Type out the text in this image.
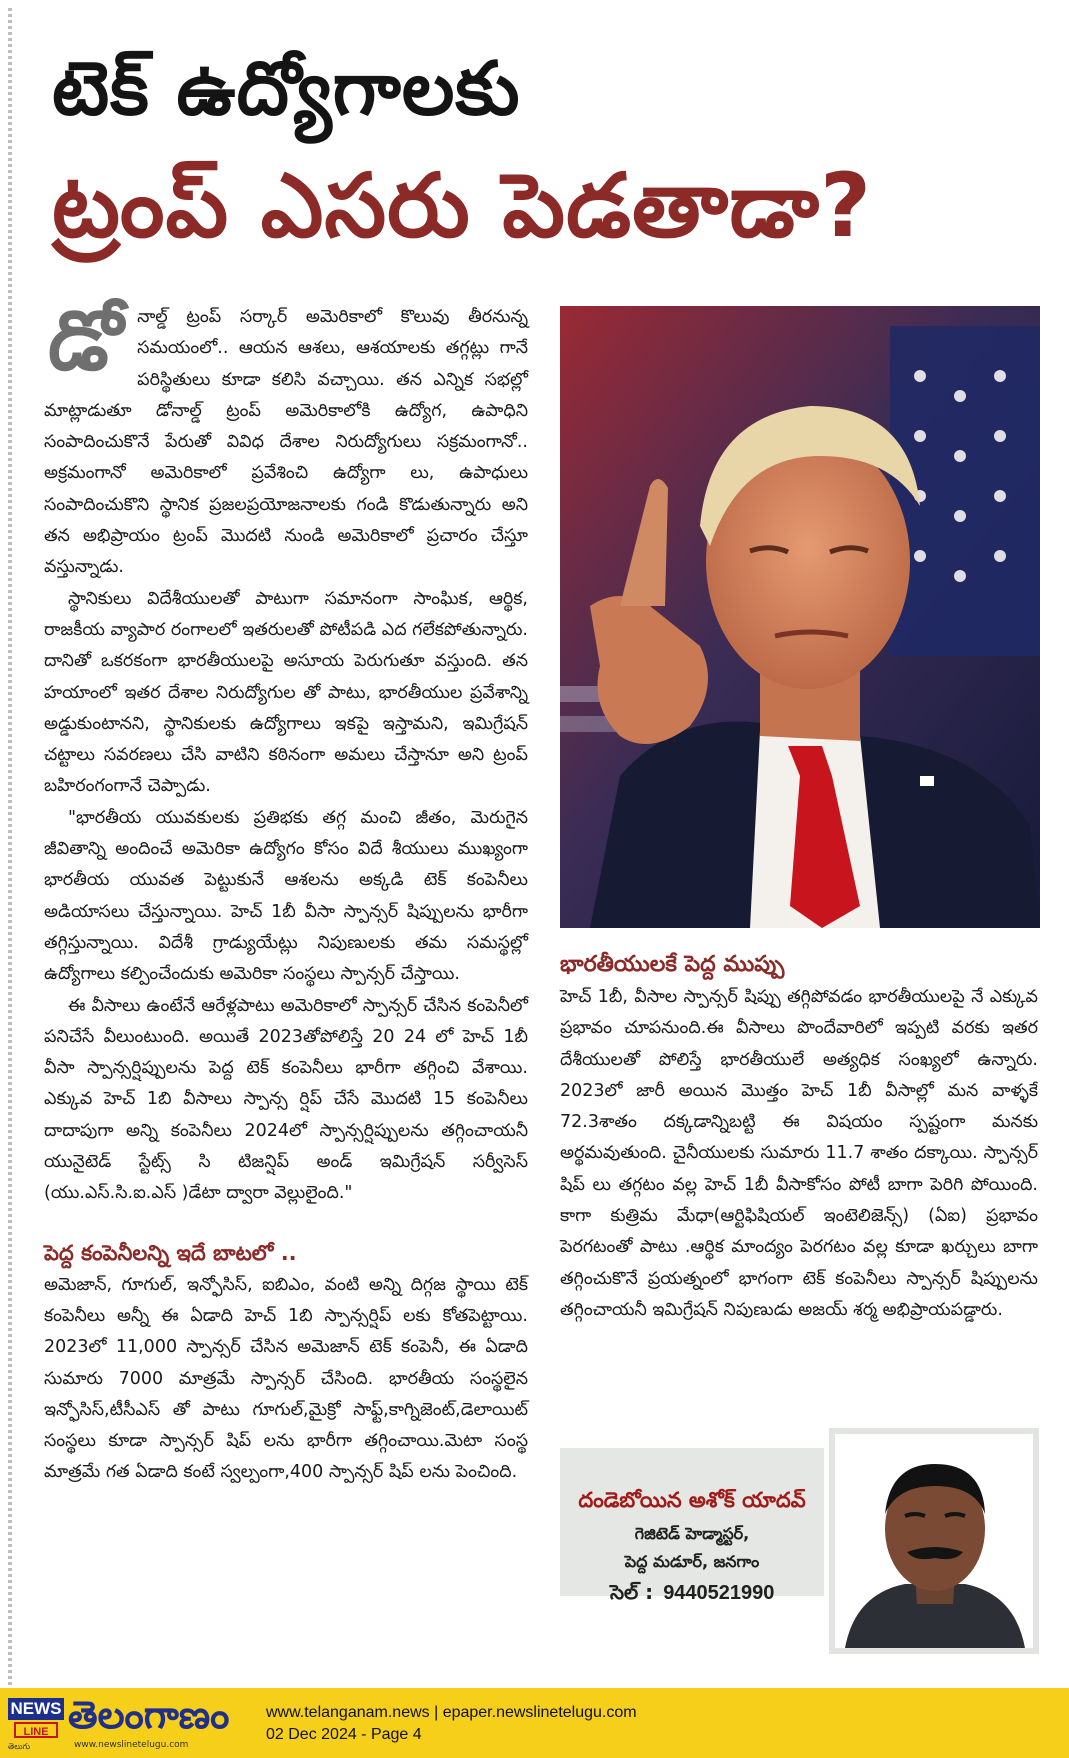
టెక్ ఉద్యోగాలకు
ట్రంప్ ఎసరు పెడతాడా?

డో నాల్డ్ ట్రంప్ సర్కార్ అమెరికాలో కొలువు తీరనున్న సమయంలో.. ఆయన ఆశలు, ఆశయాలకు తగ్గట్లు గానే పరిస్థితులు కూడా కలిసి వచ్చాయి. తన ఎన్నిక సభల్లో మాట్లాడుతూ డోనాల్డ్ ట్రంప్ అమెరికాలోకి ఉద్యోగ, ఉపాధిని సంపాదించుకొనే పేరుతో వివిధ దేశాల నిరుద్యోగులు సక్రమంగానో.. అక్రమంగానో అమెరికాలో ప్రవేశించి ఉద్యోగా లు, ఉపాధులు సంపాదించుకొని స్థానిక ప్రజలప్రయోజనాలకు గండి కొడుతున్నారు అని తన అభిప్రాయం ట్రంప్ మొదటి నుండి అమెరికాలో ప్రచారం చేస్తూ వస్తున్నాడు.

స్థానికులు విదేశీయులతో పాటుగా సమానంగా సాంఘిక, ఆర్థిక, రాజకీయ వ్యాపార రంగాలలో ఇతరులతో పోటీపడి ఎద గలేకపోతున్నారు. దానితో ఒకరకంగా భారతీయులపై అసూయ పెరుగుతూ వస్తుంది. తన హయాంలో ఇతర దేశాల నిరుద్యోగుల తో పాటు, భారతీయుల ప్రవేశాన్ని అడ్డుకుంటానని, స్థానికులకు ఉద్యోగాలు ఇకపై ఇస్తామని, ఇమిగ్రేషన్ చట్టాలు సవరణలు చేసి వాటిని కఠినంగా అమలు చేస్తానూ అని ట్రంప్ బహిరంగంగానే చెప్పాడు.

"భారతీయ యువకులకు ప్రతిభకు తగ్గ మంచి జీతం, మెరుగైన జీవితాన్ని అందించే అమెరికా ఉద్యోగం కోసం విదే శీయులు ముఖ్యంగా భారతీయ యువత పెట్టుకునే ఆశలను అక్కడి టెక్ కంపెనీలు అడియాసలు చేస్తున్నాయి. హెచ్ 1బీ వీసా స్పాన్సర్ షిప్పులను భారీగా తగ్గిస్తున్నాయి. విదేశీ గ్రాడ్యుయేట్లు నిపుణులకు తమ సమస్థల్లో ఉద్యోగాలు కల్పించేందుకు అమెరికా సంస్థలు స్పాన్సర్ చేస్తాయి.

ఈ వీసాలు ఉంటేనే ఆరేళ్లపాటు అమెరికాలో స్పాన్సర్ చేసిన కంపెనీలో పనిచేసే వీలుంటుంది. అయితే 2023తోపోలిస్తే 20 24 లో హెచ్ 1బీ వీసా స్పాన్సర్షిప్పులను పెద్ద టెక్ కంపెనీలు భారీగా తగ్గించి వేశాయి. ఎక్కువ హెచ్ 1బి వీసాలు స్పాన్స ర్షిప్ చేసే మొదటి 15 కంపెనీలు దాదాపుగా అన్ని కంపెనీలు 2024లో స్పాన్సర్షిప్పులను తగ్గించాయనీ యునైటెడ్ స్టేట్స్ సి టిజన్షిప్ అండ్ ఇమిగ్రేషన్ సర్వీసెస్ (యు.ఎస్.సి.ఐ.ఎస్ )డేటా ద్వారా వెల్లులైంది."

పెద్ద కంపెనీలన్ని ఇదే బాటలో ..

అమెజాన్, గూగుల్, ఇన్ఫోసిస్, ఐబిఎం, వంటి అన్ని దిగ్గజ స్థాయి టెక్ కంపెనీలు అన్నీ ఈ ఏడాది హెచ్ 1బి స్పాన్సర్షిప్ లకు కోతపెట్టాయి. 2023లో 11,000 స్పాన్సర్ చేసిన అమెజాన్ టెక్ కంపెనీ, ఈ ఏడాది సుమారు 7000 మాత్రమే స్పాన్సర్ చేసింది. భారతీయ సంస్థలైన ఇన్ఫోసిస్,టీసీఎస్ తో పాటు గూగుల్,మైక్రో సాఫ్ట్,కాగ్నిజెంట్,డెలాయిట్ సంస్థలు కూడా స్పాన్సర్ షిప్ లను భారీగా తగ్గించాయి.మెటా సంస్థ మాత్రమే గత ఏడాది కంటే స్వల్పంగా,400 స్పాన్సర్ షిప్ లను పెంచింది.

భారతీయులకే పెద్ద ముప్పు

హెచ్ 1బీ, వీసాల స్పాన్సర్ షిప్పు తగ్గిపోవడం భారతీయులపై నే ఎక్కువ ప్రభావం చూపనుంది.ఈ వీసాలు పొందేవారిలో ఇప్పటి వరకు ఇతర దేశీయులతో పోలిస్తే భారతీయులే అత్యధిక సంఖ్యలో ఉన్నారు. 2023లో జారీ అయిన మొత్తం హెచ్ 1బీ వీసాల్లో మన వాళ్ళకే 72.3శాతం దక్కడాన్నిబట్టి ఈ విషయం స్పష్టంగా మనకు అర్థమవుతుంది. చైనీయులకు సుమారు 11.7 శాతం దక్కాయి. స్పాన్సర్ షిప్ లు తగ్గటం వల్ల హెచ్ 1బీ వీసాకోసం పోటీ బాగా పెరిగి పోయింది. కాగా కుత్రిమ మేధా(ఆర్టిఫిషియల్ ఇంటెలిజెన్స్) (ఏఐ) ప్రభావం పెరగటంతో పాటు .ఆర్థిక మాంద్యం పెరగటం వల్ల కూడా ఖర్చులు బాగా తగ్గించుకొనే ప్రయత్నంలో భాగంగా టెక్ కంపెనీలు స్పాన్సర్ షిప్పులను తగ్గించాయనీ ఇమిగ్రేషన్ నిపుణుడు అజయ్ శర్మ అభిప్రాయపడ్డారు.

దండెబోయిన అశోక్ యాదవ్
గెజిటెడ్ హెడ్మాస్టర్,
పెద్ద మడూర్, జనగాం
సెల్ : 9440521990
NEWS
LINE
తెలుగు
తెలంగాణం
www.newslinetelugu.com
www.telanganam.news | epaper.newslinetelugu.com
02 Dec 2024 - Page 4
